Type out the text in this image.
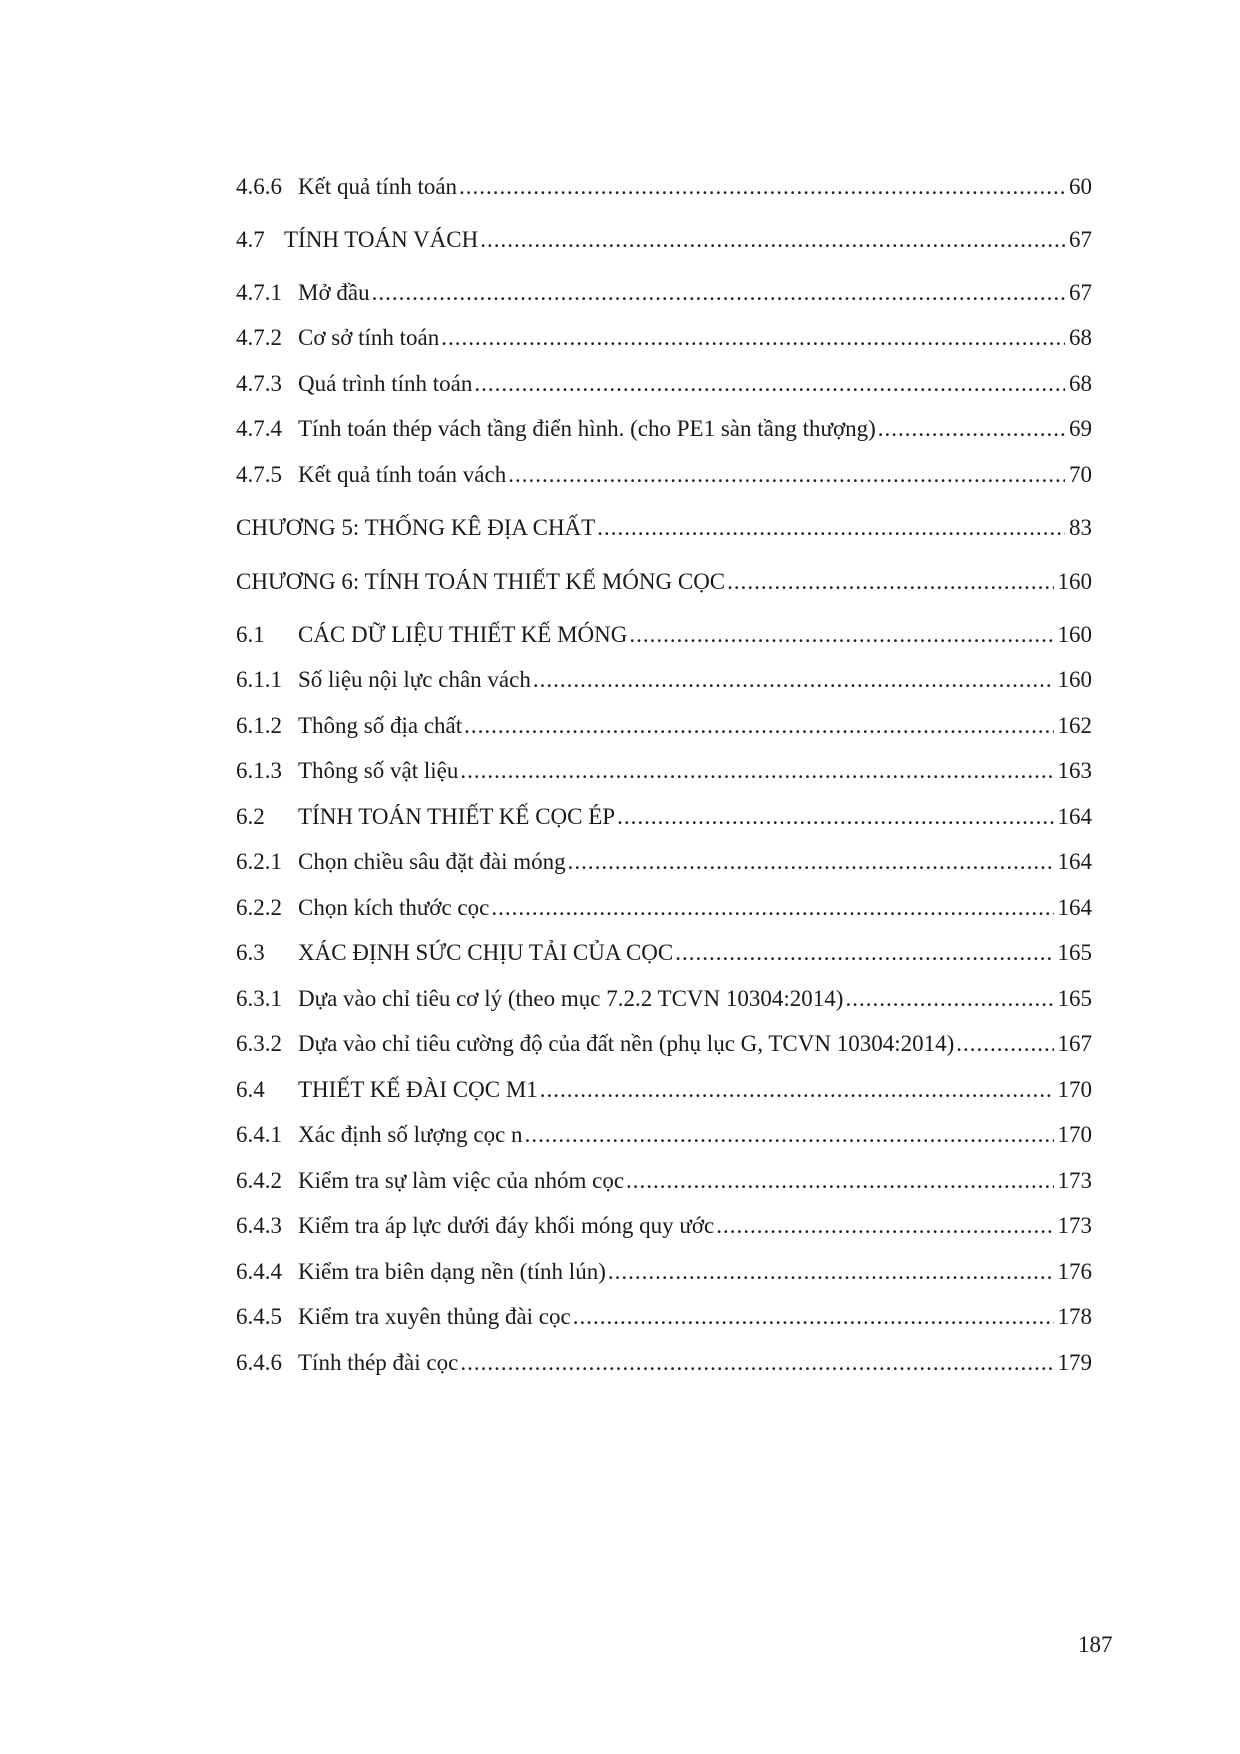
4.6.6 Kết quả tính toán .....	60
4.7 TÍNH TOÁN VÁCH .....	67
4.7.1 Mở đầu .....	67
4.7.2 Cơ sở tính toán .....	68
4.7.3 Quá trình tính toán .....	68
4.7.4 Tính toán thép vách tầng điển hình. (cho PE1 sàn tầng thượng) .....	69
4.7.5 Kết quả tính toán vách .....	70
CHƯƠNG 5: THỐNG KÊ ĐỊA CHẤT .....	83
CHƯƠNG 6: TÍNH TOÁN THIẾT KẾ MÓNG CỌC .....	160
6.1	CÁC DỮ LIỆU THIẾT KẾ MÓNG .....	160
6.1.1 Số liệu nội lực chân vách .....	160
6.1.2 Thông số địa chất .....	162
6.1.3 Thông số vật liệu .....	163
6.2	TÍNH TOÁN THIẾT KẾ CỌC ÉP .....	164
6.2.1 Chọn chiều sâu đặt đài móng .....	164
6.2.2 Chọn kích thước cọc .....	164
6.3	XÁC ĐỊNH SỨC CHỊU TẢI CỦA CỌC .....	165
6.3.1 Dựa vào chỉ tiêu cơ lý (theo mục 7.2.2 TCVN 10304:2014) .....	165
6.3.2 Dựa vào chỉ tiêu cường độ của đất nền (phụ lục G, TCVN 10304:2014) .....	167
6.4	THIẾT KẾ ĐÀI CỌC M1 .....	170
6.4.1 Xác định số lượng cọc n .....	170
6.4.2 Kiểm tra sự làm việc của nhóm cọc .....	173
6.4.3 Kiểm tra áp lực dưới đáy khối móng quy ước .....	173
6.4.4 Kiểm tra biên dạng nền (tính lún) .....	176
6.4.5 Kiểm tra xuyên thủng đài cọc .....	178
6.4.6 Tính thép đài cọc .....	179
187
